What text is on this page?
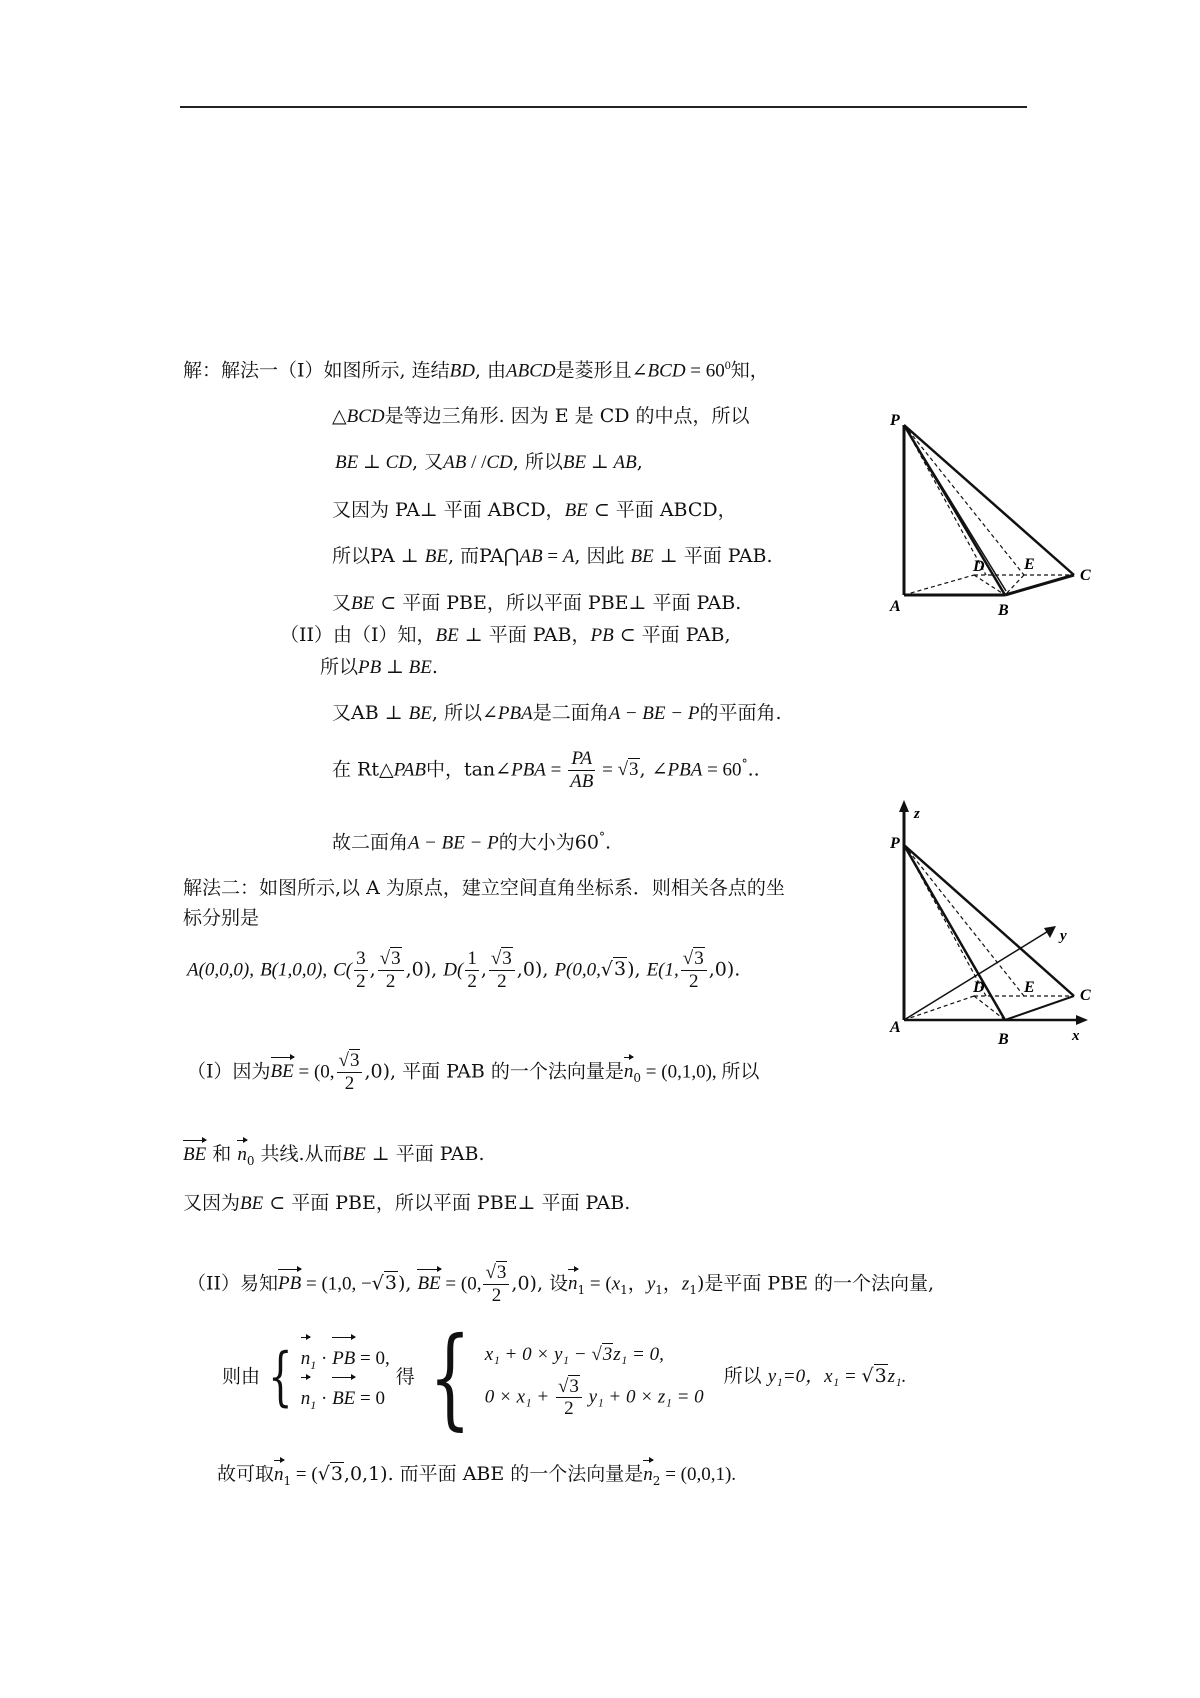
解：解法一（I）如图所示, 连结BD, 由ABCD是菱形且∠BCD = $60^0$知，
△BCD是等边三角形. 因为 E 是 CD 的中点，所以
BE ⊥ CD, 又AB / /CD, 所以BE ⊥ AB,
又因为 PA⊥ 平面 ABCD，BE ⊂ 平面 ABCD，
所以PA ⊥ BE, 而PA⋂AB = A, 因此 BE ⊥ 平面 PAB.
又BE ⊂ 平面 PBE，所以平面 PBE⊥ 平面 PAB.
（II）由（I）知，BE ⊥ 平面 PAB，PB ⊂ 平面 PAB,
所以PB ⊥ BE.
又AB ⊥ BE, 所以∠PBA是二面角A − BE − P的平面角.
在 Rt△PAB中，tan∠PBA = $\frac{PA}{AB} = √3$, ∠PBA = 60°..
故二面角A − BE − P的大小为60°.
解法二：如图所示,以 A 为原点，建立空间直角坐标系．则相关各点的坐
标分别是
A(0,0,0), B(1,0,0), $C( \frac{3}{2}$ , $\frac{√3}{2} ,0$), $D( \frac{1}{2}$ , $\frac{√3}{2} ,0$), P(0,0,√3), E(1, $\frac{√3}{2} ,0$).
（I）因为BE = (0, $\frac{√3}{2} ,0$), 平面 PAB 的一个法向量是$n_0 = (0,1,0)$, 所以
BE 和 $n_0$ 共线.从而BE ⊥ 平面 PAB.
又因为BE ⊂ 平面 PBE，所以平面 PBE⊥ 平面 PAB.
（II）易知PB = (1,0, −√3), BE = (0, $\frac{√3}{2} ,0$), 设$n_1 = (x_1$，$y_1$，$z_1$)是平面 PBE 的一个法向量,
则由 { $n_1$ · PB = 0,
$n_1$ · BE = 0
得 { x₁ + 0 × y₁ − √3z₁ = 0,
$0 \times x_1 + \frac{√3}{2} y_1 + 0 \times z_1 = 0$
所以 y₁=0，x₁ = √3z₁.
故可取$n_1 = (√3,0,1)$. 而平面 ABE 的一个法向量是$n_2 = (0,0,1)$.
P
A	B
C
D E
z
P
A
B
C
D E
y
x
